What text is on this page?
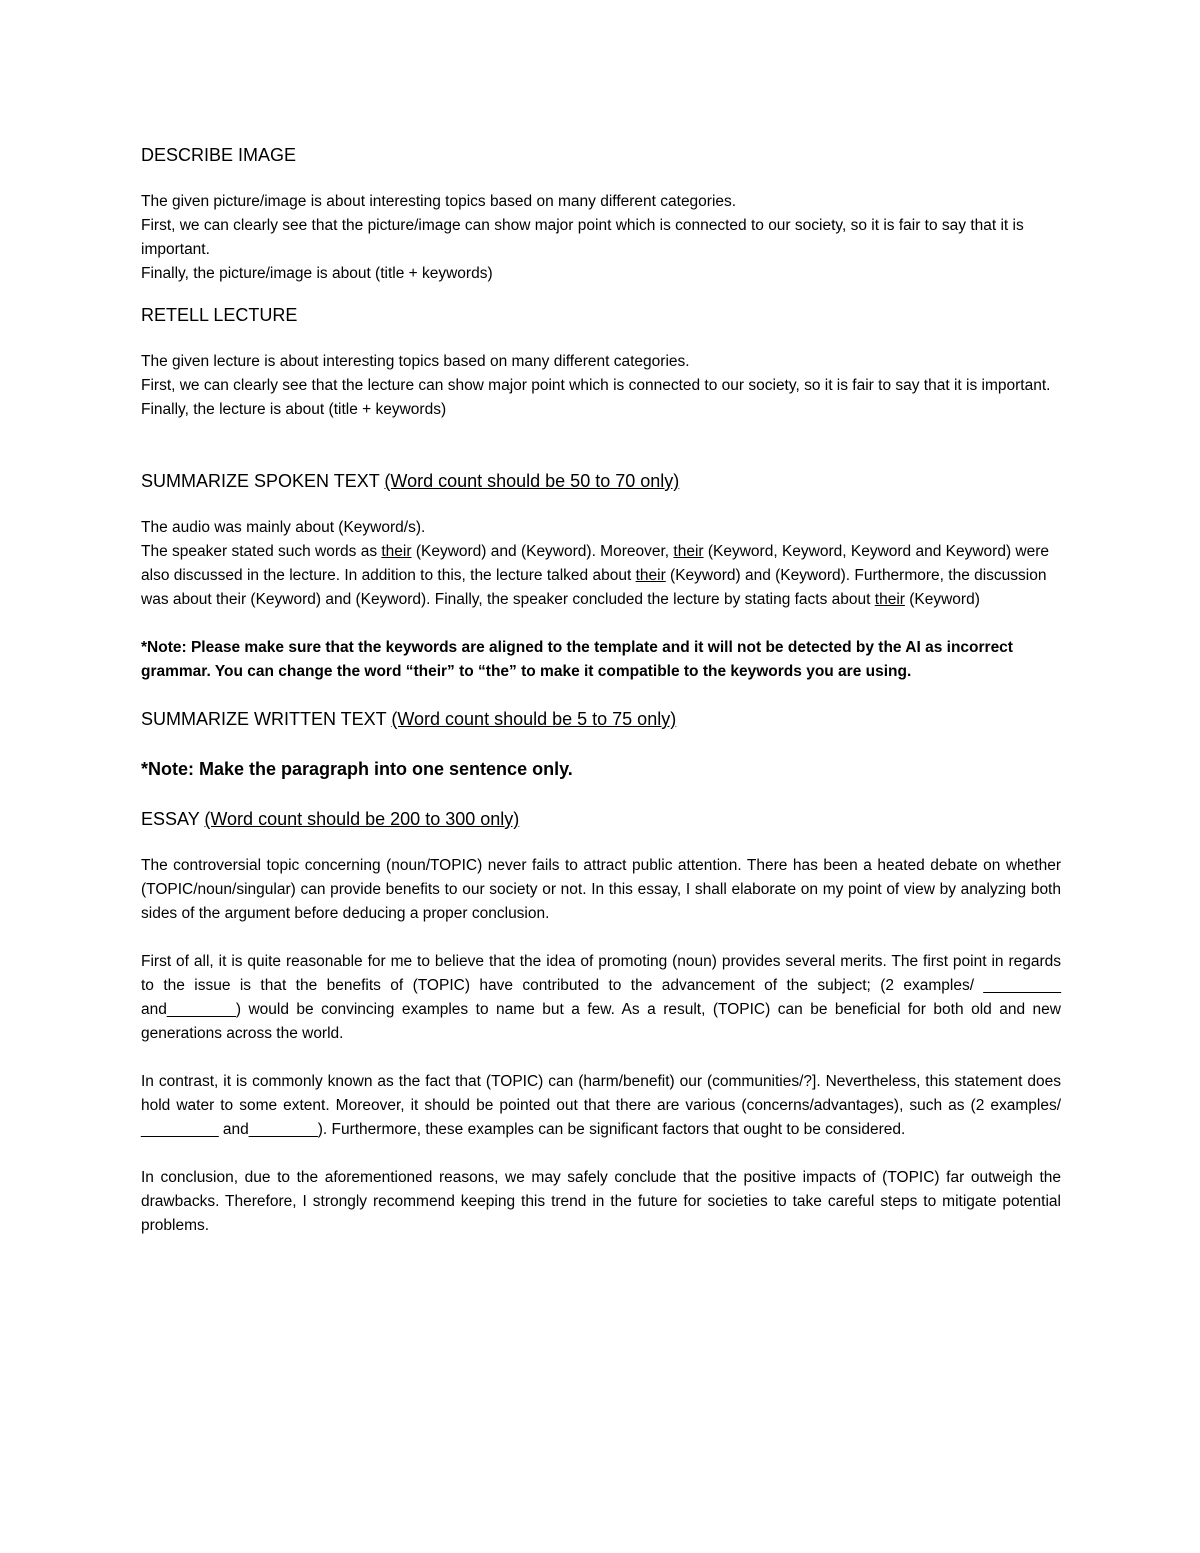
DESCRIBE IMAGE

The given picture/image is about interesting topics based on many different categories.

First, we can clearly see that the picture/image can show major point which is connected to our society, so it is fair to say that it is important.

Finally, the picture/image is about (title + keywords)

RETELL LECTURE

The given lecture is about interesting topics based on many different categories.

First, we can clearly see that the lecture can show major point which is connected to our society, so it is fair to say that it is important.

Finally, the lecture is about (title + keywords)

SUMMARIZE SPOKEN TEXT (Word count should be 50 to 70 only)

The audio was mainly about (Keyword/s).

The speaker stated such words as their (Keyword) and (Keyword). Moreover, their (Keyword, Keyword, Keyword and Keyword) were also discussed in the lecture. In addition to this, the lecture talked about their (Keyword) and (Keyword). Furthermore, the discussion was about their (Keyword) and (Keyword). Finally, the speaker concluded the lecture by stating facts about their (Keyword)

*Note: Please make sure that the keywords are aligned to the template and it will not be detected by the AI as incorrect grammar. You can change the word “their” to “the” to make it compatible to the keywords you are using.

SUMMARIZE WRITTEN TEXT (Word count should be 5 to 75 only)

*Note: Make the paragraph into one sentence only.

ESSAY (Word count should be 200 to 300 only)

The controversial topic concerning (noun/TOPIC) never fails to attract public attention. There has been a heated debate on whether (TOPIC/noun/singular) can provide benefits to our society or not. In this essay, I shall elaborate on my point of view by analyzing both sides of the argument before deducing a proper conclusion.

First of all, it is quite reasonable for me to believe that the idea of promoting (noun) provides several merits. The first point in regards to the issue is that the benefits of (TOPIC) have contributed to the advancement of the subject; (2 examples/ _________ and________) would be convincing examples to name but a few. As a result, (TOPIC) can be beneficial for both old and new generations across the world.

In contrast, it is commonly known as the fact that (TOPIC) can (harm/benefit) our (communities/?]. Nevertheless, this statement does hold water to some extent. Moreover, it should be pointed out that there are various (concerns/advantages), such as (2 examples/ _________ and________). Furthermore, these examples can be significant factors that ought to be considered.

In conclusion, due to the aforementioned reasons, we may safely conclude that the positive impacts of (TOPIC) far outweigh the drawbacks. Therefore, I strongly recommend keeping this trend in the future for societies to take careful steps to mitigate potential problems.
